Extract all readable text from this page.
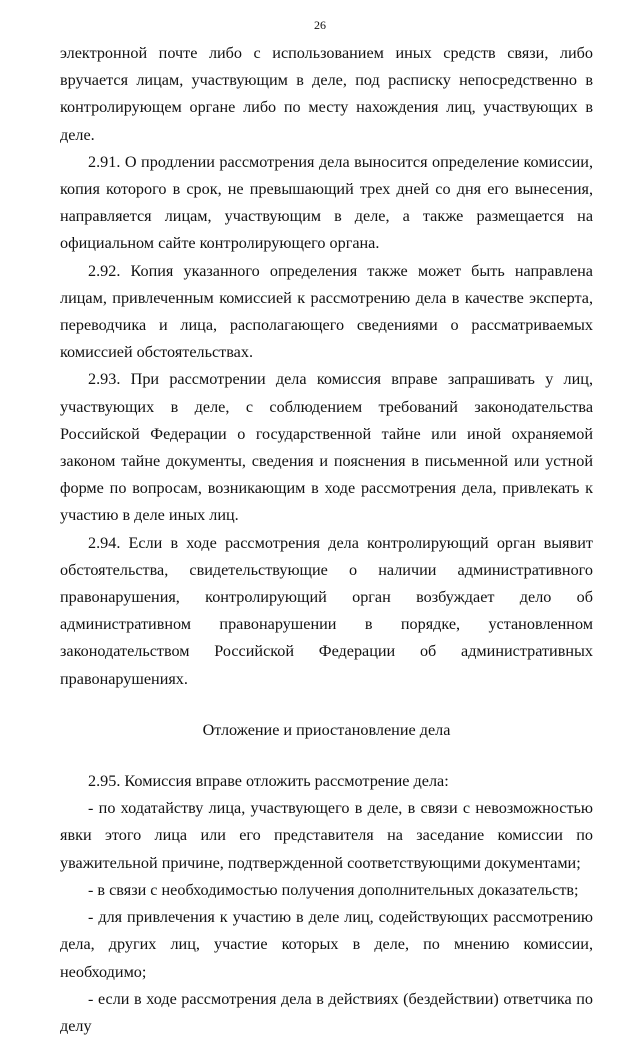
26

электронной почте либо с использованием иных средств связи, либо вручается лицам, участвующим в деле, под расписку непосредственно в контролирующем органе либо по месту нахождения лиц, участвующих в деле.

2.91. О продлении рассмотрения дела выносится определение комиссии, копия которого в срок, не превышающий трех дней со дня его вынесения, направляется лицам, участвующим в деле, а также размещается на официальном сайте контролирующего органа.

2.92. Копия указанного определения также может быть направлена лицам, привлеченным комиссией к рассмотрению дела в качестве эксперта, переводчика и лица, располагающего сведениями о рассматриваемых комиссией обстоятельствах.

2.93. При рассмотрении дела комиссия вправе запрашивать у лиц, участвующих в деле, с соблюдением требований законодательства Российской Федерации о государственной тайне или иной охраняемой законом тайне документы, сведения и пояснения в письменной или устной форме по вопросам, возникающим в ходе рассмотрения дела, привлекать к участию в деле иных лиц.

2.94. Если в ходе рассмотрения дела контролирующий орган выявит обстоятельства, свидетельствующие о наличии административного правонарушения, контролирующий орган возбуждает дело об административном правонарушении в порядке, установленном законодательством Российской Федерации об административных правонарушениях.

Отложение и приостановление дела

2.95. Комиссия вправе отложить рассмотрение дела:

- по ходатайству лица, участвующего в деле, в связи с невозможностью явки этого лица или его представителя на заседание комиссии по уважительной причине, подтвержденной соответствующими документами;

- в связи с необходимостью получения дополнительных доказательств;

- для привлечения к участию в деле лиц, содействующих рассмотрению дела, других лиц, участие которых в деле, по мнению комиссии, необходимо;

- если в ходе рассмотрения дела в действиях (бездействии) ответчика по делу
